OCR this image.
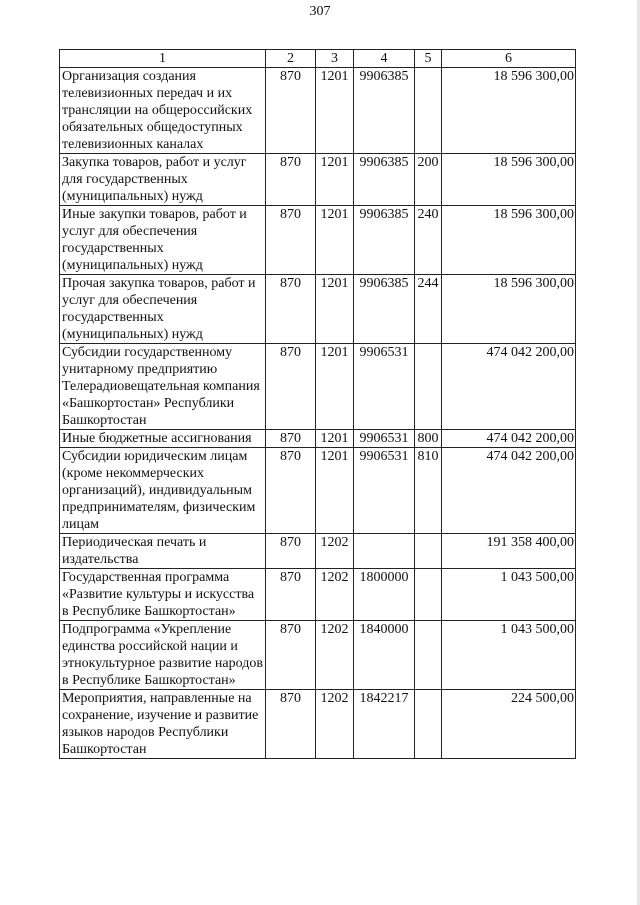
307
1	2	3	4	5	6
Организация создания телевизионных передач и их трансляции на общероссийских обязательных общедоступных телевизионных каналах	870	1201	9906385		18 596 300,00
Закупка товаров, работ и услуг для государственных (муниципальных) нужд	870	1201	9906385	200	18 596 300,00
Иные закупки товаров, работ и услуг для обеспечения государственных (муниципальных) нужд	870	1201	9906385	240	18 596 300,00
Прочая закупка товаров, работ и услуг для обеспечения государственных (муниципальных) нужд	870	1201	9906385	244	18 596 300,00
Субсидии государственному унитарному предприятию Телерадиовещательная компания «Башкортостан» Республики Башкортостан	870	1201	9906531		474 042 200,00
Иные бюджетные ассигнования	870	1201	9906531	800	474 042 200,00
Субсидии юридическим лицам (кроме некоммерческих организаций), индивидуальным предпринимателям, физическим лицам	870	1201	9906531	810	474 042 200,00
Периодическая печать и издательства	870	1202			191 358 400,00
Государственная программа «Развитие культуры и искусства в Республике Башкортостан»	870	1202	1800000		1 043 500,00
Подпрограмма «Укрепление единства российской нации и этнокультурное развитие народов в Республике Башкортостан»	870	1202	1840000		1 043 500,00
Мероприятия, направленные на сохранение, изучение и развитие языков народов Республики Башкортостан	870	1202	1842217		224 500,00
